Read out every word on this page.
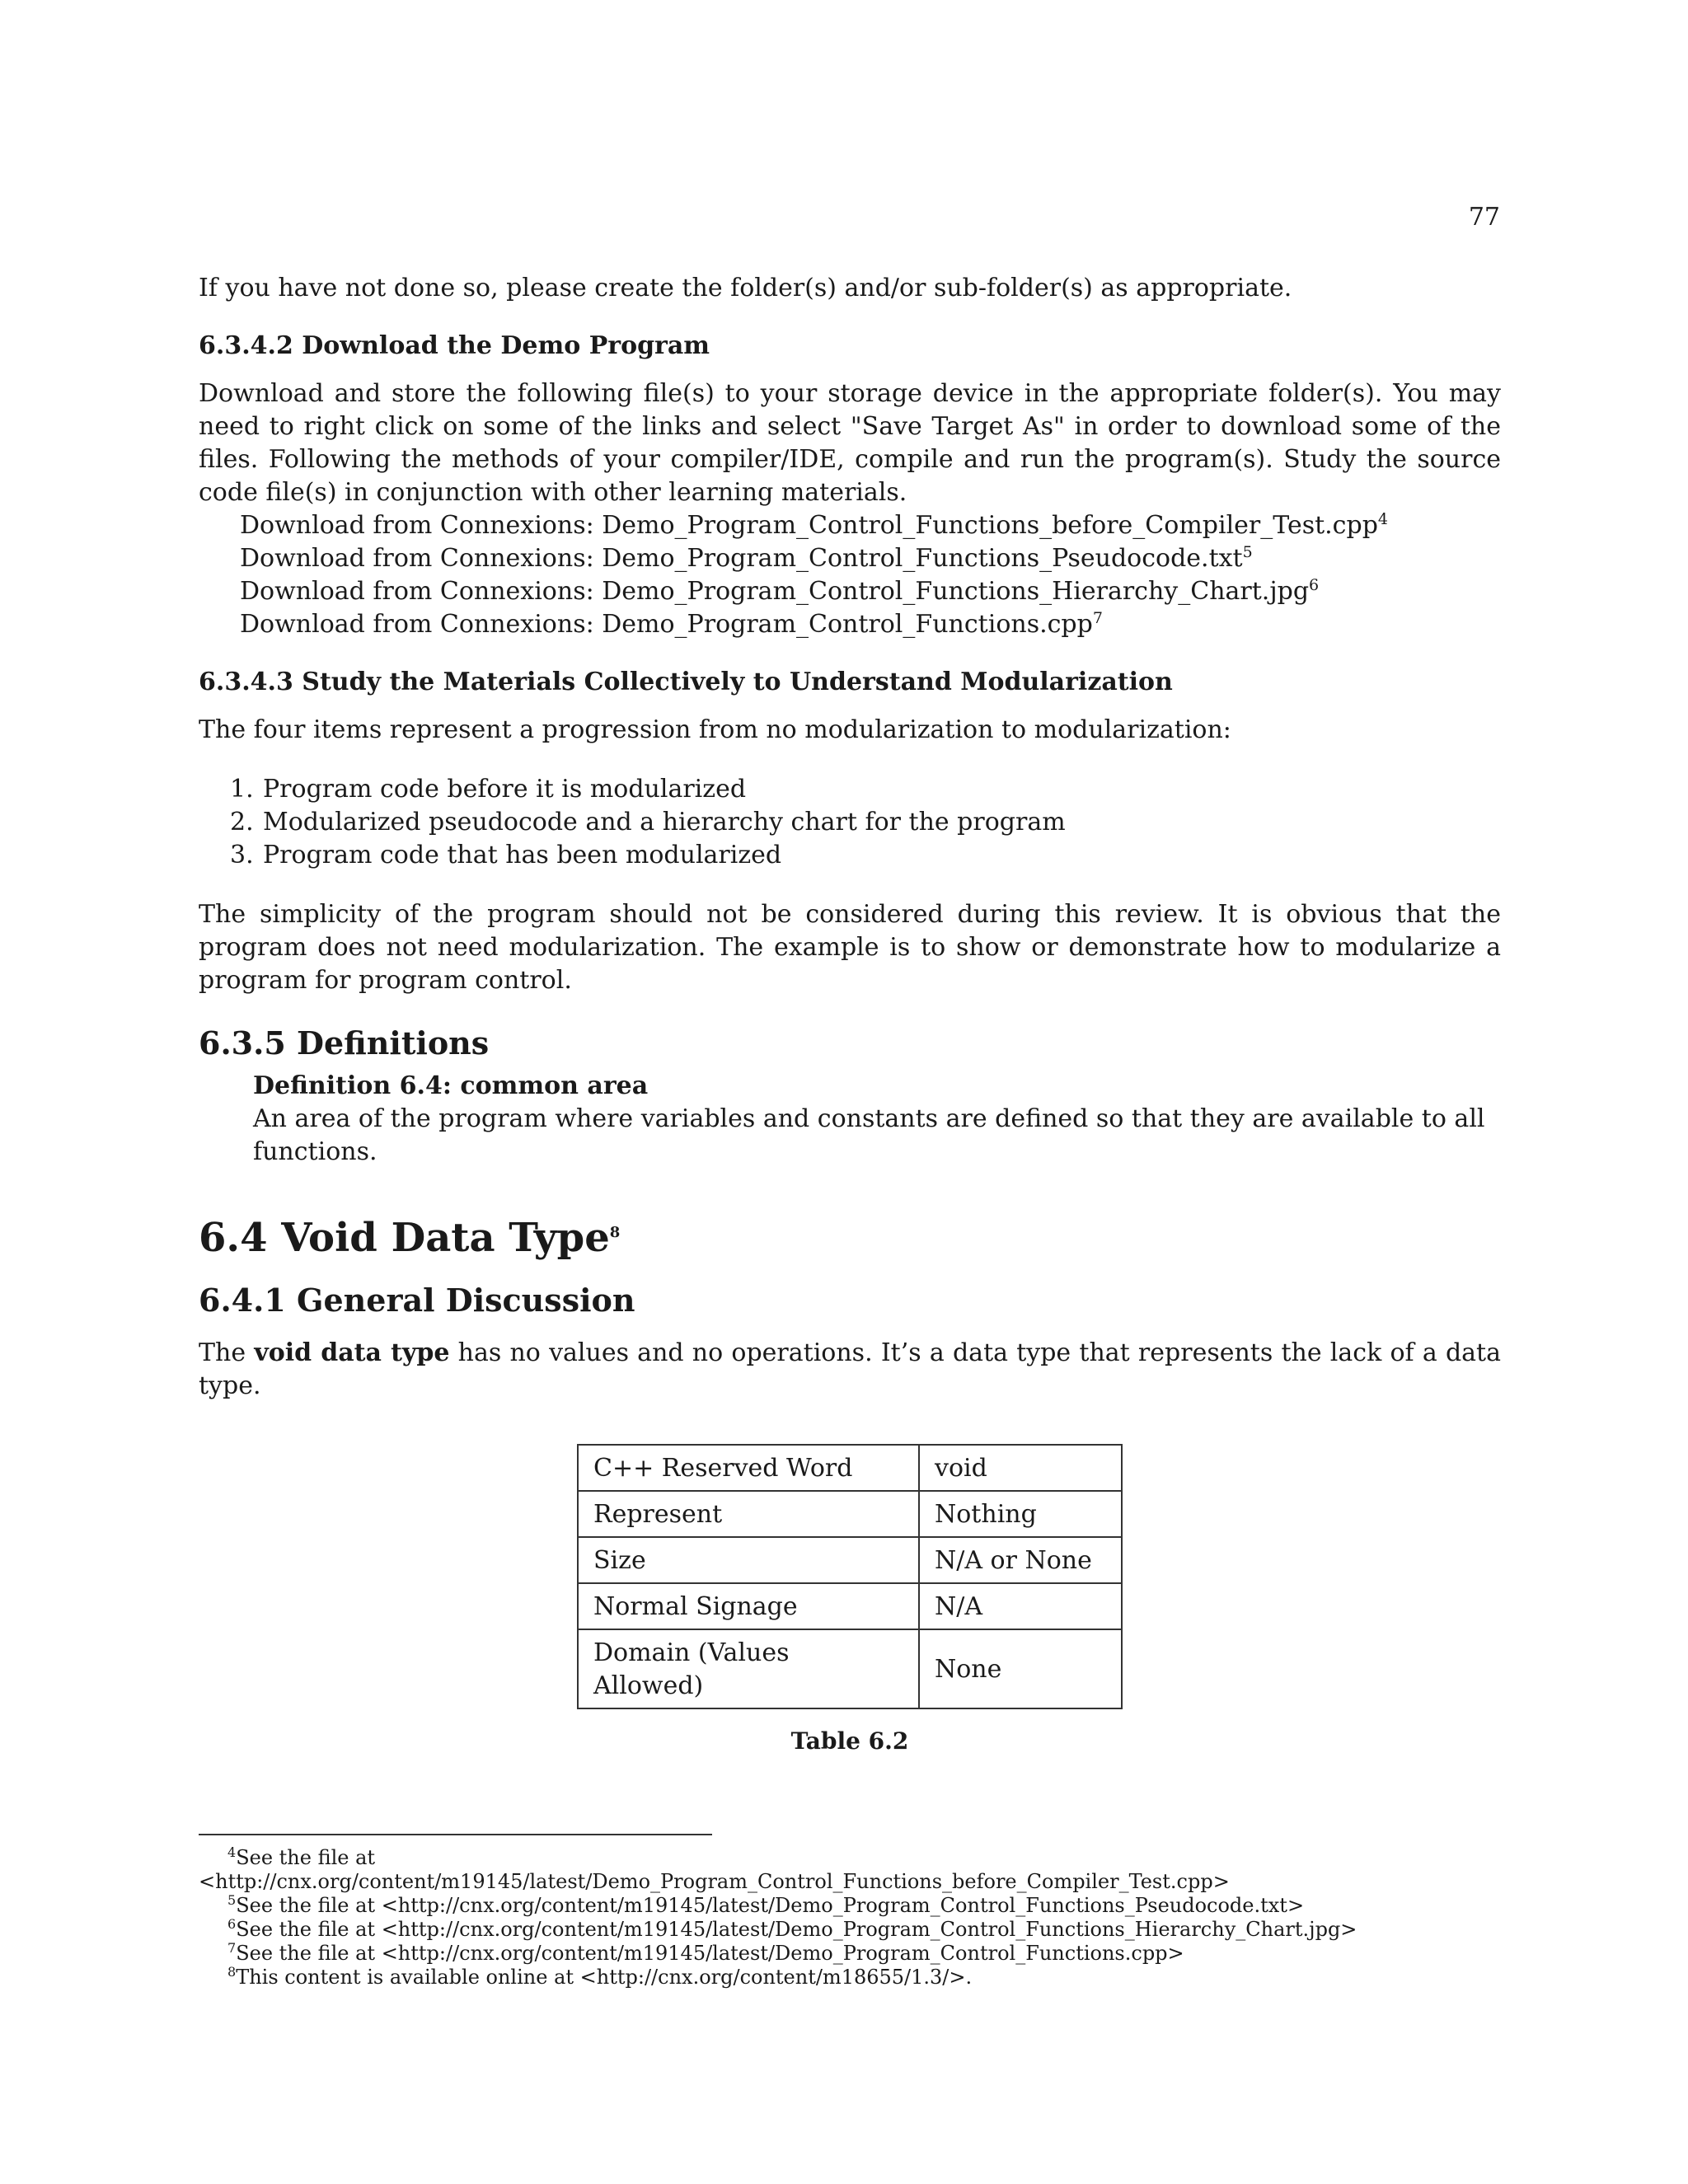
77

If you have not done so, please create the folder(s) and/or sub-folder(s) as appropriate.

6.3.4.2 Download the Demo Program

Download and store the following file(s) to your storage device in the appropriate folder(s). You may need to right click on some of the links and select "Save Target As" in order to download some of the files. Following the methods of your compiler/IDE, compile and run the program(s). Study the source code file(s) in conjunction with other learning materials.

Download from Connexions: Demo_Program_Control_Functions_before_Compiler_Test.cpp$^4$
Download from Connexions: Demo_Program_Control_Functions_Pseudocode.txt$^5$
Download from Connexions: Demo_Program_Control_Functions_Hierarchy_Chart.jpg$^6$
Download from Connexions: Demo_Program_Control_Functions.cpp$^7$
6.3.4.3 Study the Materials Collectively to Understand Modularization

The four items represent a progression from no modularization to modularization:

1. Program code before it is modularized
2. Modularized pseudocode and a hierarchy chart for the program
3. Program code that has been modularized

The simplicity of the program should not be considered during this review. It is obvious that the program does not need modularization. The example is to show or demonstrate how to modularize a program for program control.

6.3.5 Definitions
Definition 6.4: common area

An area of the program where variables and constants are defined so that they are available to all functions.

6.4 Void Data Type$^8$
6.4.1 General Discussion

The void data type has no values and no operations. It’s a data type that represents the lack of a data type.

C++ Reserved Word	void
Represent	Nothing
Size	N/A or None
Normal Signage	N/A
Domain (Values Allowed)	None
Table 6.2
$^4$See the file at
<http://cnx.org/content/m19145/latest/Demo_Program_Control_Functions_before_Compiler_Test.cpp>
$^5$See the file at <http://cnx.org/content/m19145/latest/Demo_Program_Control_Functions_Pseudocode.txt>
$^6$See the file at <http://cnx.org/content/m19145/latest/Demo_Program_Control_Functions_Hierarchy_Chart.jpg>
$^7$See the file at <http://cnx.org/content/m19145/latest/Demo_Program_Control_Functions.cpp>
$^8$This content is available online at <http://cnx.org/content/m18655/1.3/>.
